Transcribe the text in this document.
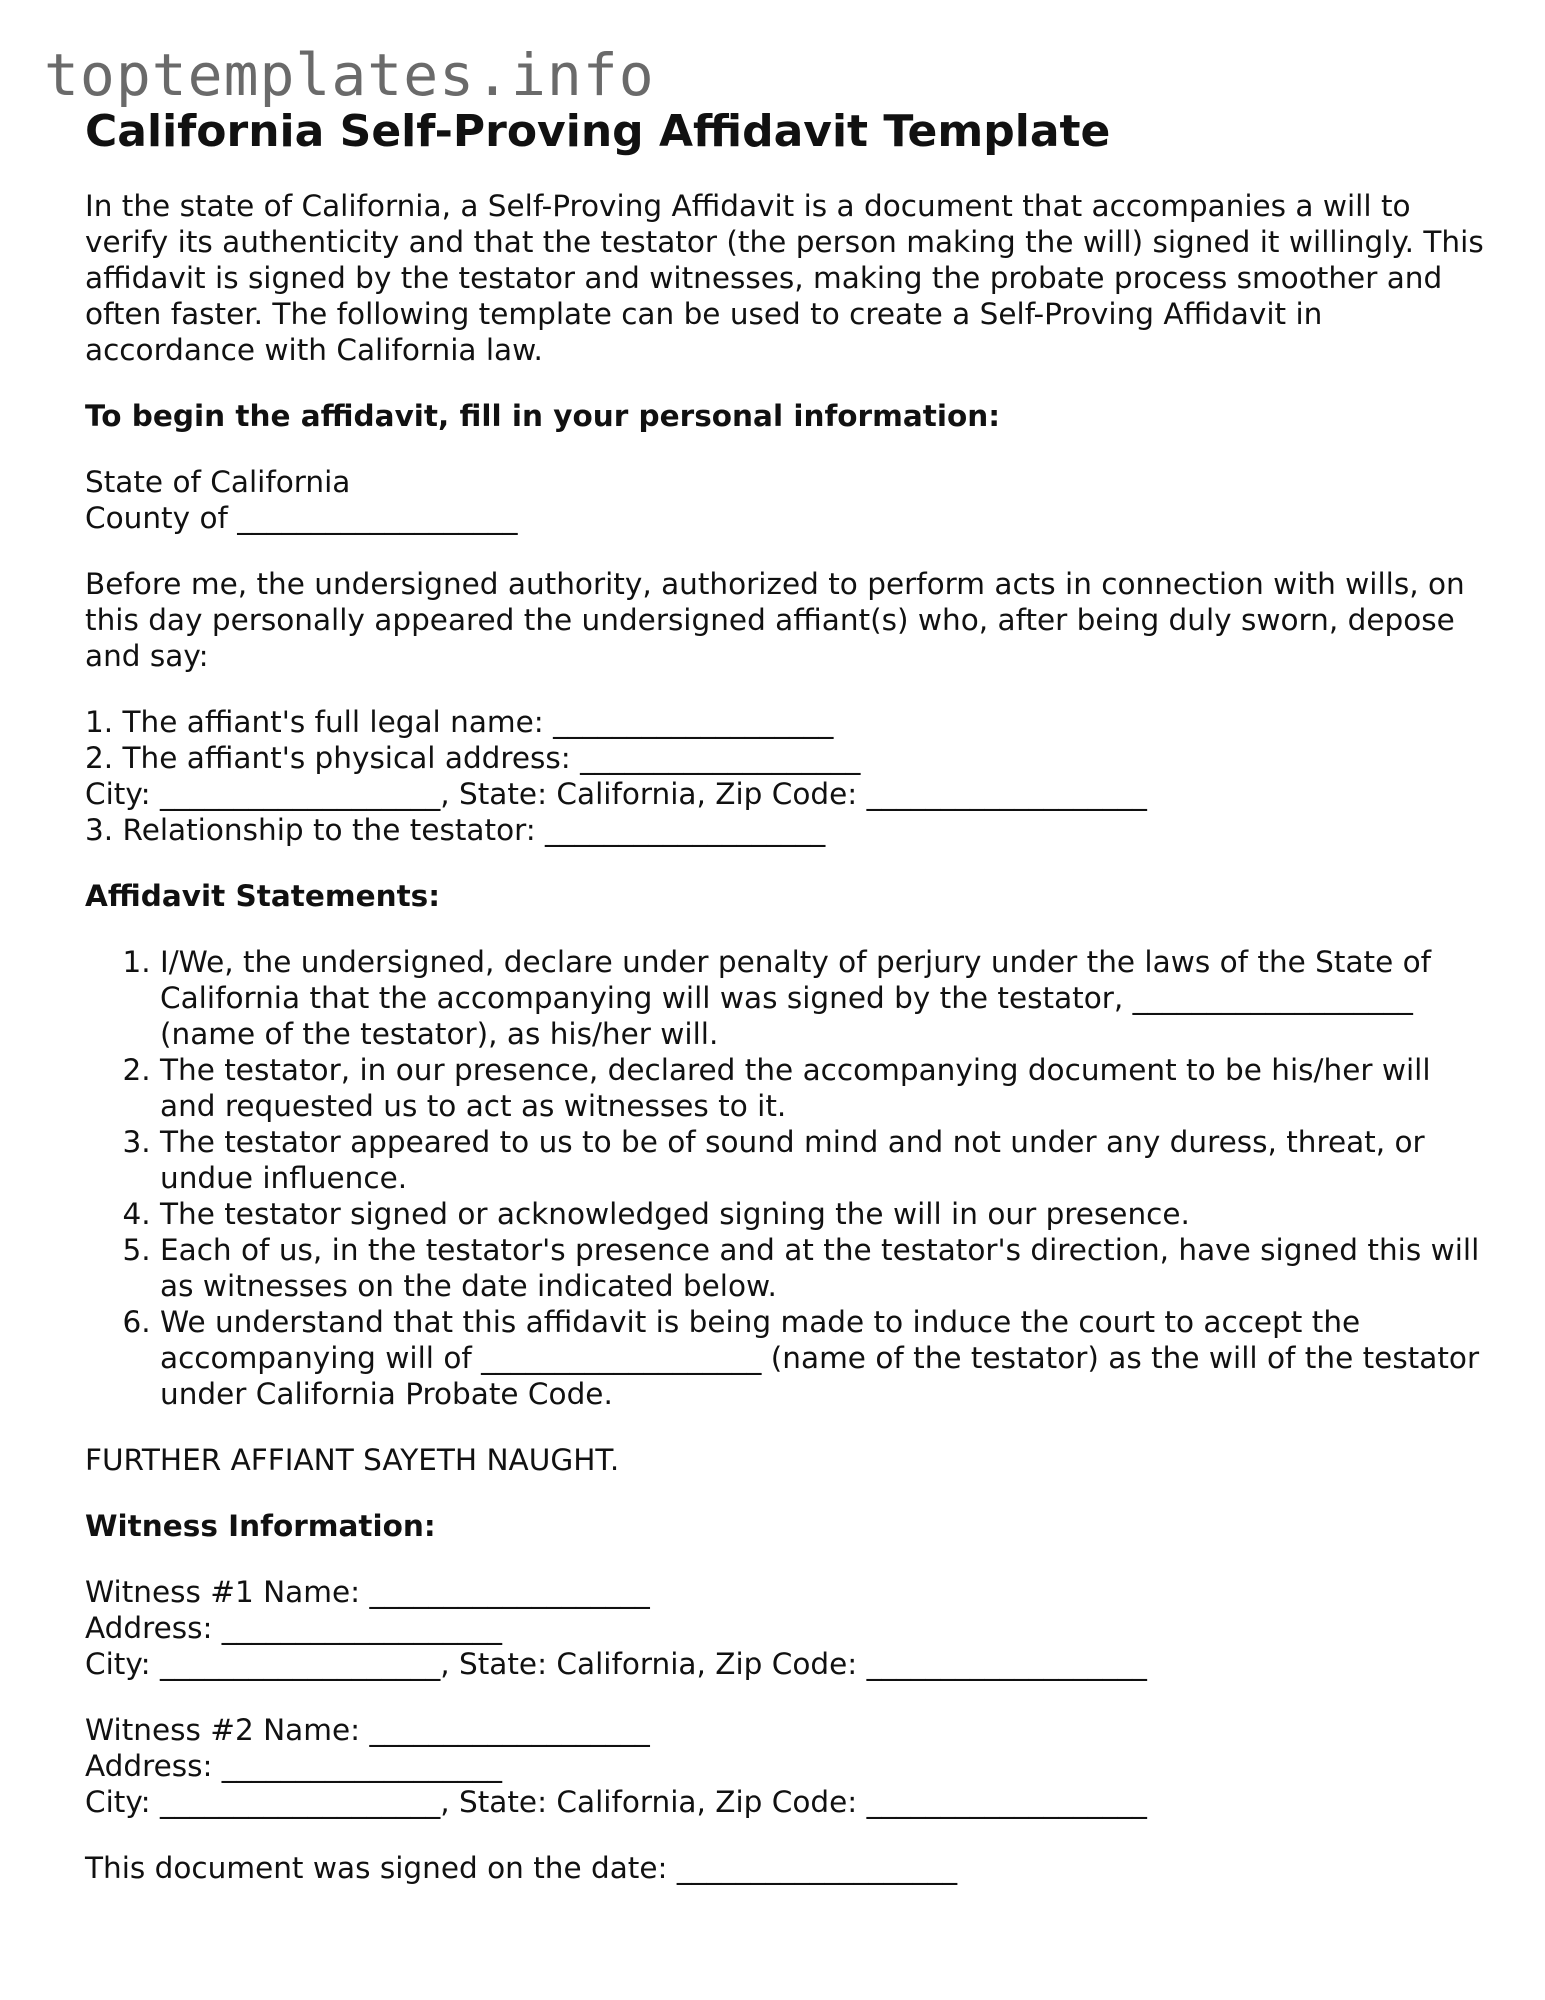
toptemplates.info
California Self-Proving Affidavit Template

In the state of California, a Self-Proving Affidavit is a document that accompanies a will to verify its authenticity and that the testator (the person making the will) signed it willingly. This affidavit is signed by the testator and witnesses, making the probate process smoother and often faster. The following template can be used to create a Self-Proving Affidavit in accordance with California law.

To begin the affidavit, fill in your personal information:

State of California
County of ___________________

Before me, the undersigned authority, authorized to perform acts in connection with wills, on this day personally appeared the undersigned affiant(s) who, after being duly sworn, depose and say:

1. The affiant's full legal name: ___________________
2. The affiant's physical address: ___________________
City: ___________________, State: California, Zip Code: ___________________
3. Relationship to the testator: ___________________

Affidavit Statements:
1. I/We, the undersigned, declare under penalty of perjury under the laws of the State of California that the accompanying will was signed by the testator, ___________________ (name of the testator), as his/her will.
2. The testator, in our presence, declared the accompanying document to be his/her will and requested us to act as witnesses to it.
3. The testator appeared to us to be of sound mind and not under any duress, threat, or undue influence.
4. The testator signed or acknowledged signing the will in our presence.
5. Each of us, in the testator's presence and at the testator's direction, have signed this will as witnesses on the date indicated below.
6. We understand that this affidavit is being made to induce the court to accept the accompanying will of ___________________ (name of the testator) as the will of the testator under California Probate Code.

FURTHER AFFIANT SAYETH NAUGHT.

Witness Information:

Witness #1 Name: ___________________
Address: ___________________
City: ___________________, State: California, Zip Code: ___________________

Witness #2 Name: ___________________
Address: ___________________
City: ___________________, State: California, Zip Code: ___________________

This document was signed on the date: ___________________
